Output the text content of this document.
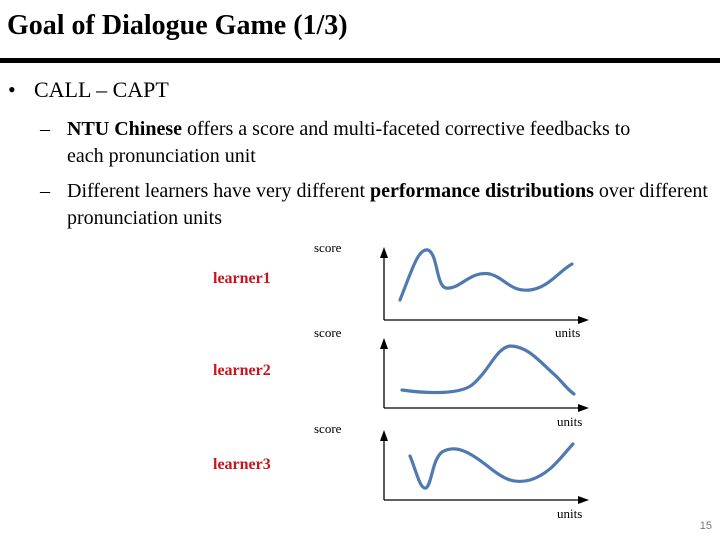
Goal of Dialogue Game (1/3)
• CALL – CAPT
– NTU Chinese offers a score and multi-faceted corrective feedbacks to each pronunciation unit
– Different learners have very different performance distributions over different pronunciation units
score
score
score
units
units
units
learner1
learner2
learner3
15
